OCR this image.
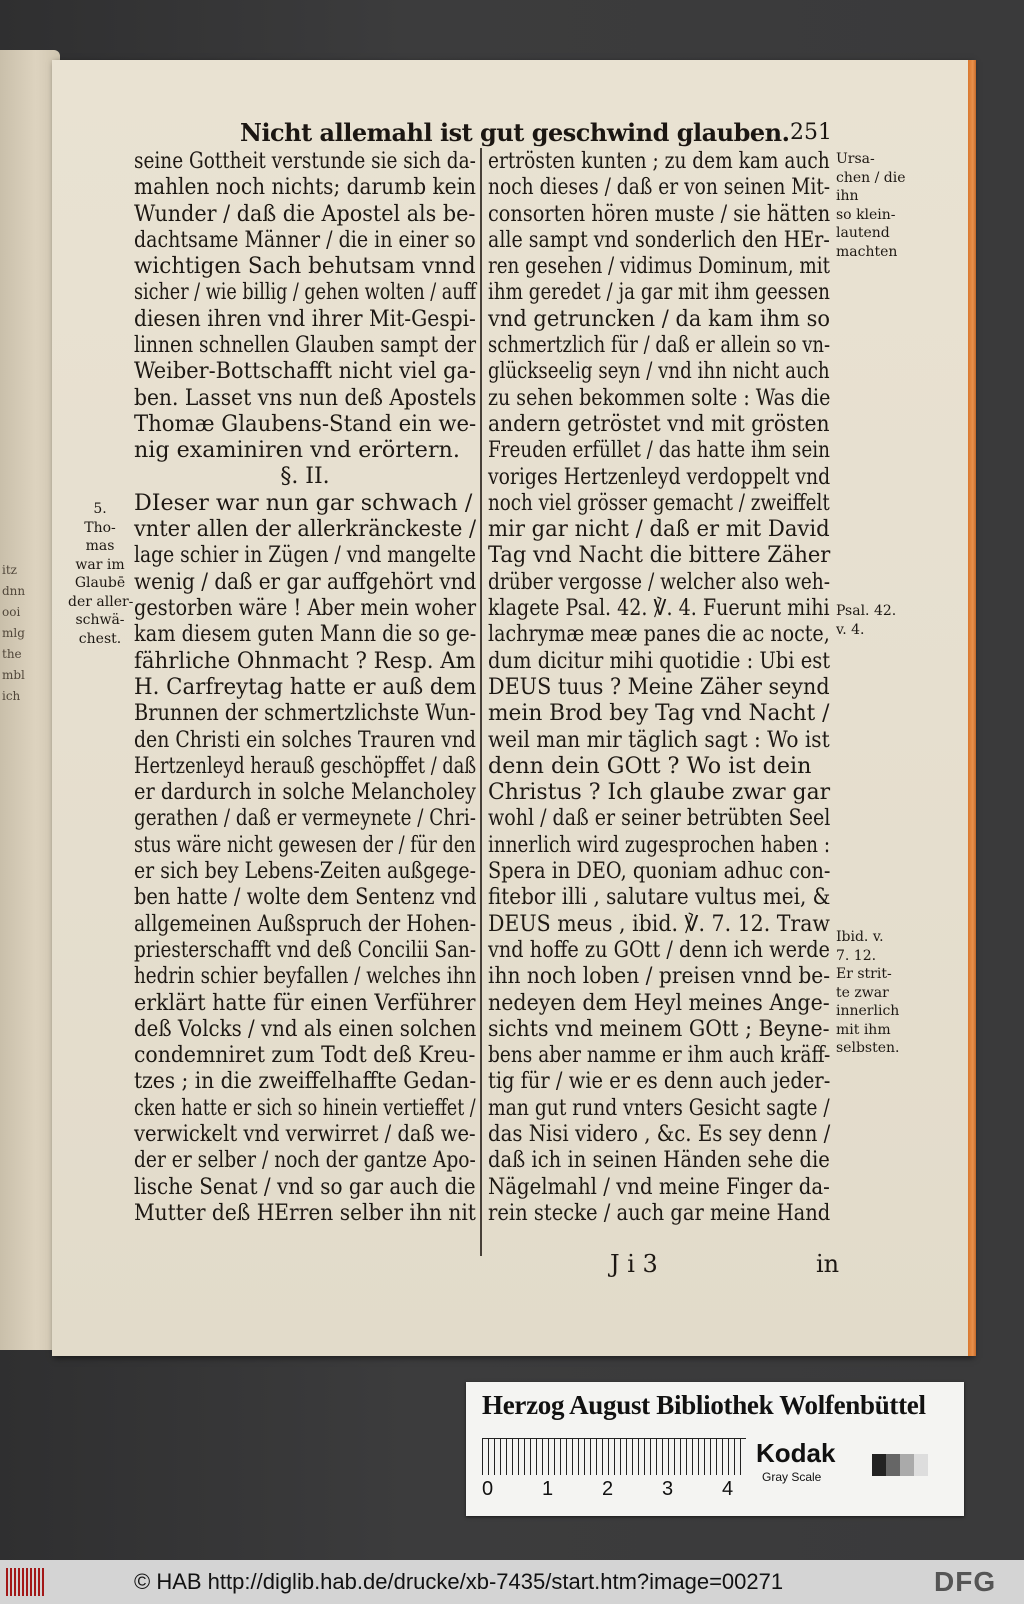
itz
dnn
ooi
mlg
the
mbl
ich
Nicht allemahl ist gut geschwind glauben. 251
seine Gottheit verstunde sie sich da-
mahlen noch nichts; darumb kein
Wunder / daß die Apostel als be-
dachtsame Männer / die in einer so
wichtigen Sach behutsam vnnd
sicher / wie billig / gehen wolten / auff
diesen ihren vnd ihrer Mit-Gespi-
linnen schnellen Glauben sampt der
Weiber-Bottschafft nicht viel ga-
ben. Lasset vns nun deß Apostels
Thomæ Glaubens-Stand ein we-
nig examiniren vnd erörtern.
§. II.
DIeser war nun gar schwach /
vnter allen der allerkränckeste /
lage schier in Zügen / vnd mangelte
wenig / daß er gar auffgehört vnd
gestorben wäre ! Aber mein woher
kam diesem guten Mann die so ge-
fährliche Ohnmacht ? Resp. Am
H. Carfreytag hatte er auß dem
Brunnen der schmertzlichste Wun-
den Christi ein solches Trauren vnd
Hertzenleyd herauß geschöpffet / daß
er dardurch in solche Melancholey
gerathen / daß er vermeynete / Chri-
stus wäre nicht gewesen der / für den
er sich bey Lebens-Zeiten außgege-
ben hatte / wolte dem Sentenz vnd
allgemeinen Außspruch der Hohen-
priesterschafft vnd deß Concilii San-
hedrin schier beyfallen / welches ihn
erklärt hatte für einen Verführer
deß Volcks / vnd als einen solchen
condemniret zum Todt deß Kreu-
tzes ; in die zweiffelhaffte Gedan-
cken hatte er sich so hinein vertieffet /
verwickelt vnd verwirret / daß we-
der er selber / noch der gantze Apo-
lische Senat / vnd so gar auch die
Mutter deß HErren selber ihn nit
ertrösten kunten ; zu dem kam auch
noch dieses / daß er von seinen Mit-
consorten hören muste / sie hätten
alle sampt vnd sonderlich den HEr-
ren gesehen / vidimus Dominum, mit
ihm geredet / ja gar mit ihm geessen
vnd getruncken / da kam ihm so
schmertzlich für / daß er allein so vn-
glückseelig seyn / vnd ihn nicht auch
zu sehen bekommen solte : Was die
andern getröstet vnd mit grösten
Freuden erfüllet / das hatte ihm sein
voriges Hertzenleyd verdoppelt vnd
noch viel grösser gemacht / zweiffelt
mir gar nicht / daß er mit David
Tag vnd Nacht die bittere Zäher
drüber vergosse / welcher also weh-
klagete Psal. 42. ℣. 4. Fuerunt mihi
lachrymæ meæ panes die ac nocte,
dum dicitur mihi quotidie : Ubi est
DEUS tuus ? Meine Zäher seynd
mein Brod bey Tag vnd Nacht /
weil man mir täglich sagt : Wo ist
denn dein GOtt ? Wo ist dein
Christus ? Ich glaube zwar gar
wohl / daß er seiner betrübten Seel
innerlich wird zugesprochen haben :
Spera in DEO, quoniam adhuc con-
fitebor illi , salutare vultus mei, &
DEUS meus , ibid. ℣. 7. 12. Traw
vnd hoffe zu GOtt / denn ich werde
ihn noch loben / preisen vnnd be-
nedeyen dem Heyl meines Ange-
sichts vnd meinem GOtt ; Beyne-
bens aber namme er ihm auch kräff-
tig für / wie er es denn auch jeder-
man gut rund vnters Gesicht sagte /
das Nisi videro , &c. Es sey denn /
daß ich in seinen Händen sehe die
Nägelmahl / vnd meine Finger da-
rein stecke / auch gar meine Hand
5.
Tho-
mas
war im
Glaubē
der aller-
schwä-
chest.
Ursa-
chen / die
ihn
so klein-
lautend
machten
Psal. 42.
v. 4.
Ibid. v.
7. 12.
Er strit-
te zwar
innerlich
mit ihm
selbsten.
J i 3	in
Herzog August Bibliothek Wolfenbüttel
0 1 2 3 4
Kodak
Gray Scale
© HAB http://diglib.hab.de/drucke/xb-7435/start.htm?image=00271	DFG
